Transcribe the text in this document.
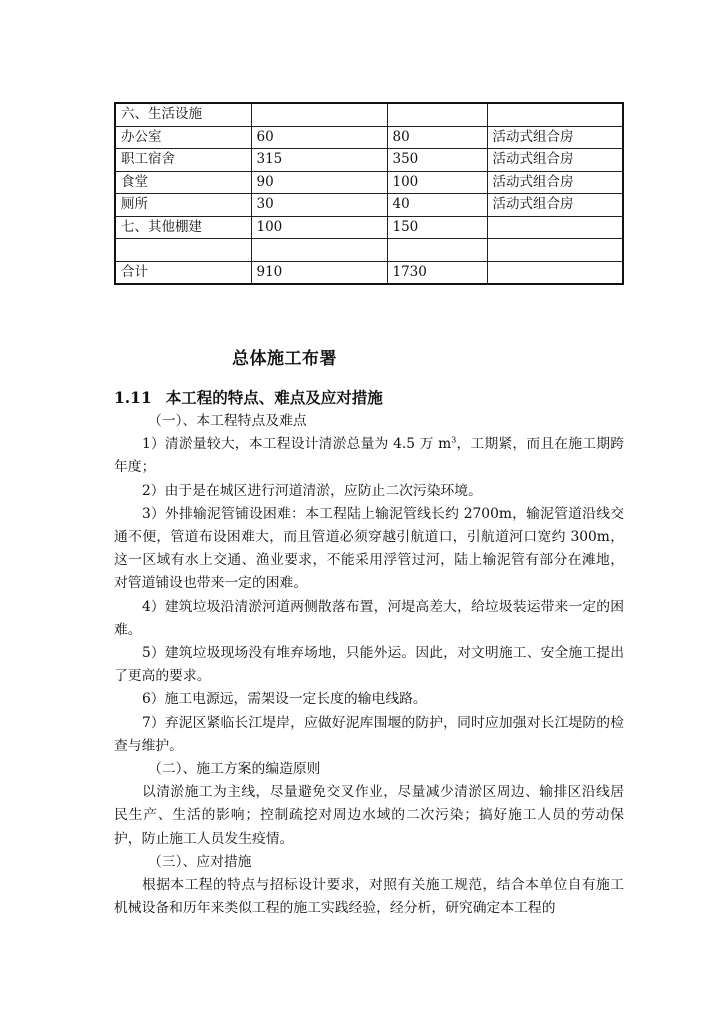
六、生活设施			
办公室	60	80	活动式组合房
职工宿舍	315	350	活动式组合房
食堂	90	100	活动式组合房
厕所	30	40	活动式组合房
七、其他棚建	100	150	

合计	910	1730	
总体施工布署
1.11 本工程的特点、难点及应对措施

（一）、本工程特点及难点

1）清淤量较大，本工程设计清淤总量为 4.5 万 $m^3$，工期紧，而且在施工期跨年度；

2）由于是在城区进行河道清淤，应防止二次污染环境。

3）外排输泥管铺设困难：本工程陆上输泥管线长约 2700m，输泥管道沿线交通不便，管道布设困难大，而且管道必须穿越引航道口，引航道河口宽约 300m，这一区域有水上交通、渔业要求，不能采用浮管过河，陆上输泥管有部分在滩地，对管道铺设也带来一定的困难。

4）建筑垃圾沿清淤河道两侧散落布置，河堤高差大，给垃圾装运带来一定的困难。

5）建筑垃圾现场没有堆弃场地，只能外运。因此，对文明施工、安全施工提出了更高的要求。

6）施工电源远，需架设一定长度的输电线路。

7）弃泥区紧临长江堤岸，应做好泥库围堰的防护，同时应加强对长江堤防的检查与维护。

（二）、施工方案的编造原则

以清淤施工为主线，尽量避免交叉作业，尽量减少清淤区周边、输排区沿线居民生产、生活的影响；控制疏挖对周边水域的二次污染；搞好施工人员的劳动保护，防止施工人员发生疫情。

（三）、应对措施

根据本工程的特点与招标设计要求，对照有关施工规范，结合本单位自有施工机械设备和历年来类似工程的施工实践经验，经分析，研究确定本工程的
